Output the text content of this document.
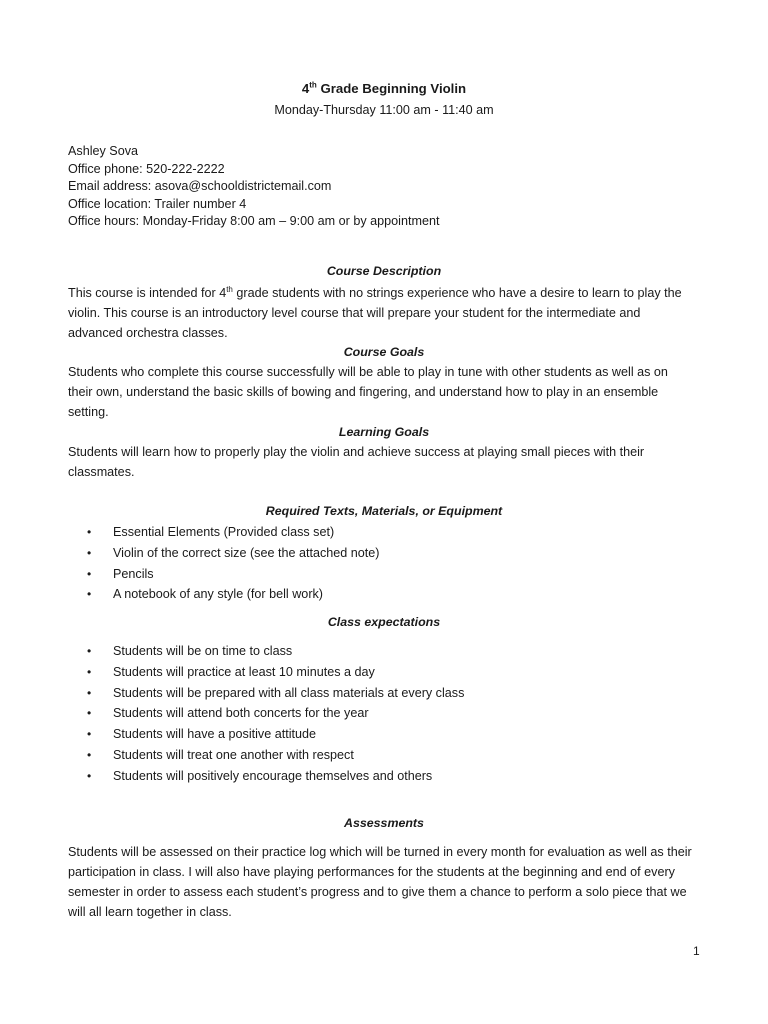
4th Grade Beginning Violin
Monday-Thursday 11:00 am - 11:40 am
Ashley Sova
Office phone: 520-222-2222
Email address: asova@schooldistrictemail.com
Office location: Trailer number 4
Office hours: Monday-Friday 8:00 am – 9:00 am or by appointment
Course Description
This course is intended for 4th grade students with no strings experience who have a desire to learn to play the
violin. This course is an introductory level course that will prepare your student for the intermediate and
advanced orchestra classes.
Course Goals
Students who complete this course successfully will be able to play in tune with other students as well as on
their own, understand the basic skills of bowing and fingering, and understand how to play in an ensemble
setting.
Learning Goals
Students will learn how to properly play the violin and achieve success at playing small pieces with their
classmates.
Required Texts, Materials, or Equipment
• Essential Elements (Provided class set)
• Violin of the correct size (see the attached note)
• Pencils
• A notebook of any style (for bell work)
Class expectations
• Students will be on time to class
• Students will practice at least 10 minutes a day
• Students will be prepared with all class materials at every class
• Students will attend both concerts for the year
• Students will have a positive attitude
• Students will treat one another with respect
• Students will positively encourage themselves and others
Assessments
Students will be assessed on their practice log which will be turned in every month for evaluation as well as their
participation in class. I will also have playing performances for the students at the beginning and end of every
semester in order to assess each student’s progress and to give them a chance to perform a solo piece that we
will all learn together in class.
1
